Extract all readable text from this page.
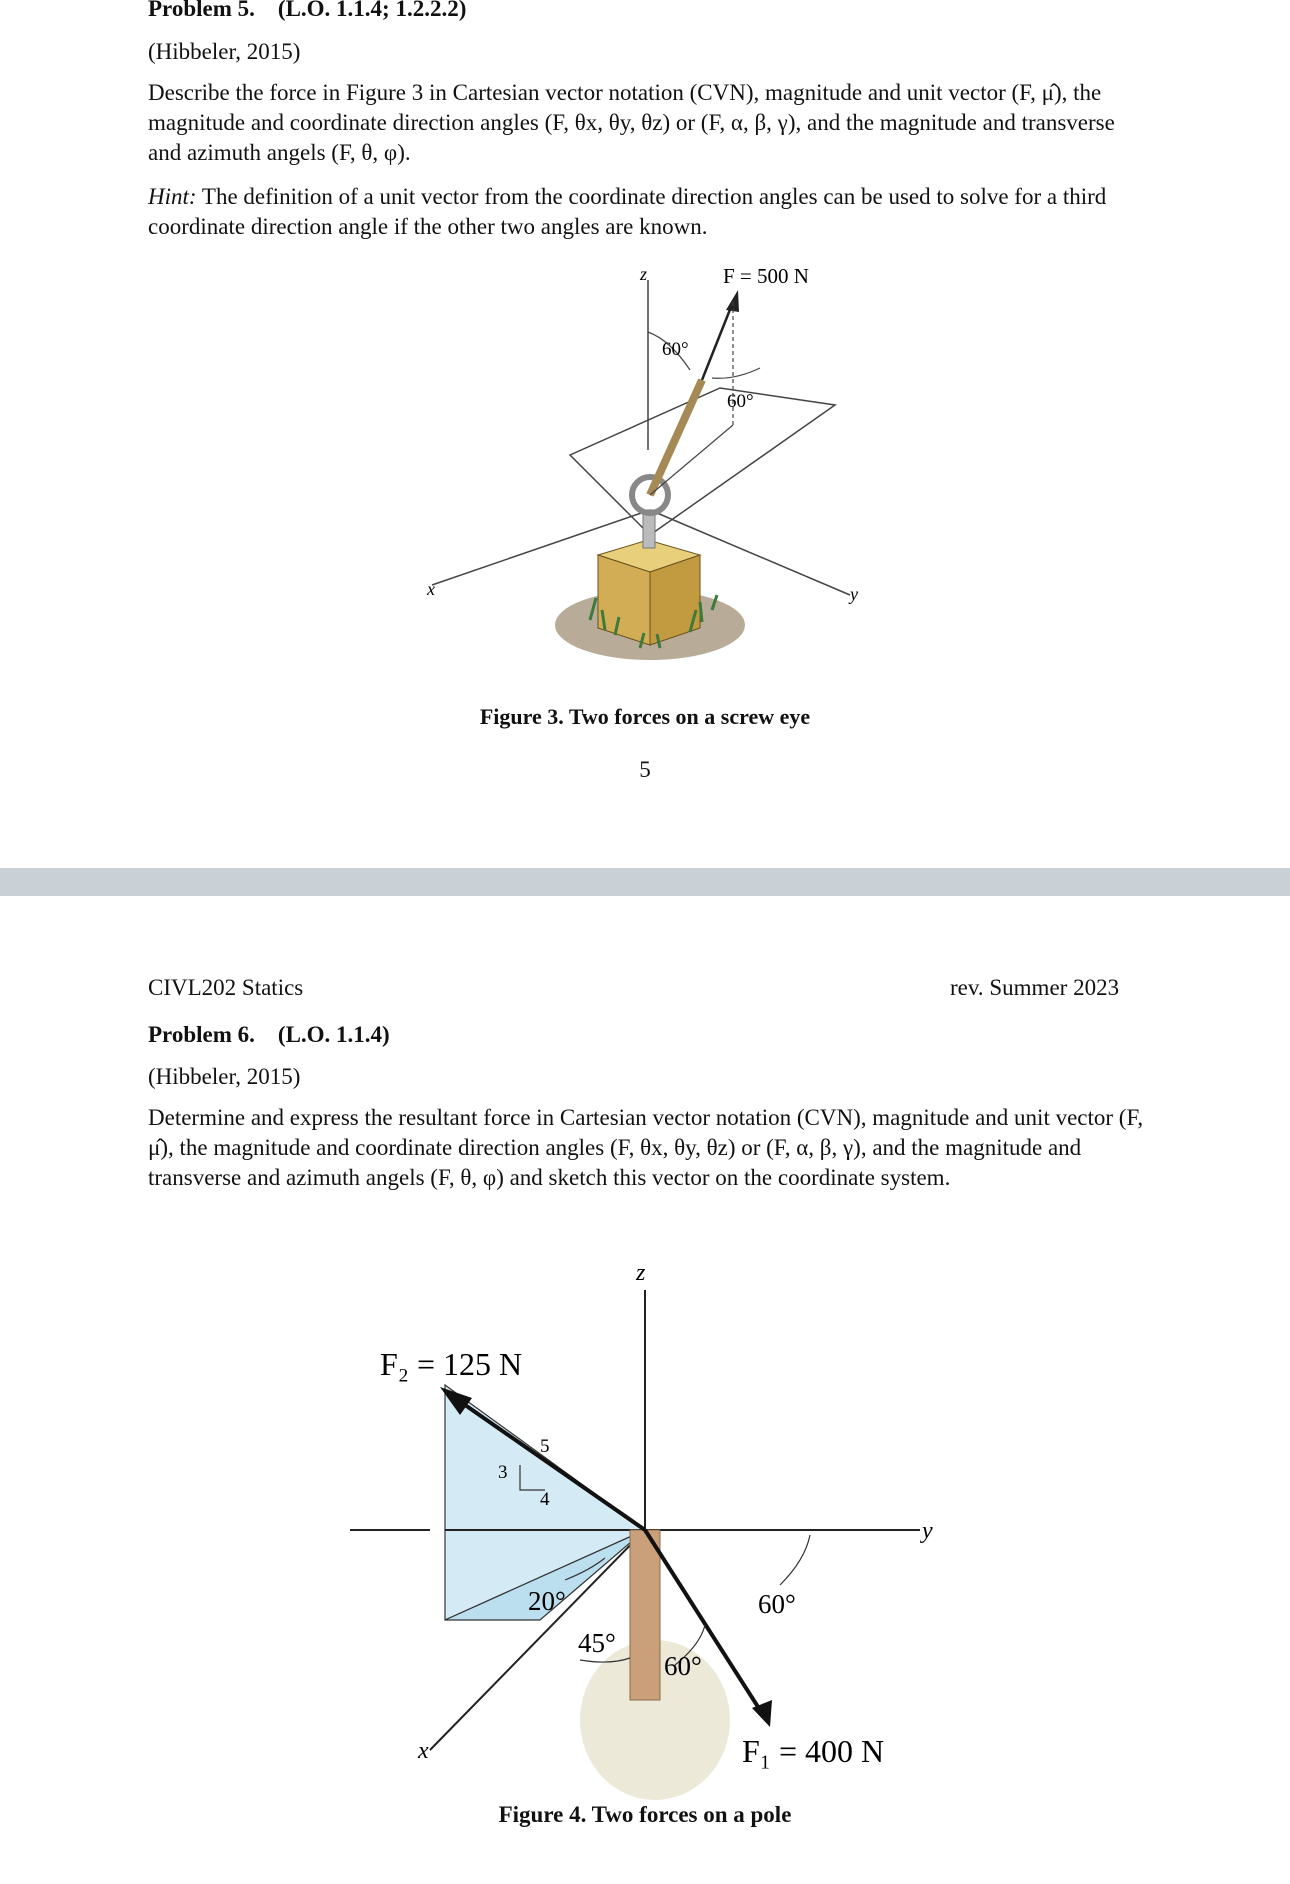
Problem 5. (L.O. 1.1.4; 1.2.2.2)
(Hibbeler, 2015)
Describe the force in Figure 3 in Cartesian vector notation (CVN), magnitude and unit vector (F, μ̂), the magnitude and coordinate direction angles (F, θx, θy, θz) or (F, α, β, γ), and the magnitude and transverse and azimuth angels (F, θ, φ).
Hint: The definition of a unit vector from the coordinate direction angles can be used to solve for a third coordinate direction angle if the other two angles are known.
z
x	y
F = 500 N
60°
60°
Figure 3. Two forces on a screw eye
5
CIVL202 Statics	rev. Summer 2023
Problem 6. (L.O. 1.1.4)
(Hibbeler, 2015)
Determine and express the resultant force in Cartesian vector notation (CVN), magnitude and unit vector (F, μ̂), the magnitude and coordinate direction angles (F, θx, θy, θz) or (F, α, β, γ), and the magnitude and transverse and azimuth angels (F, θ, φ) and sketch this vector on the coordinate system.
z
x
y
F₂ = 125 N
F₁ = 400 N
3
4
5
20°
45°
60°
60°
Figure 4. Two forces on a pole
